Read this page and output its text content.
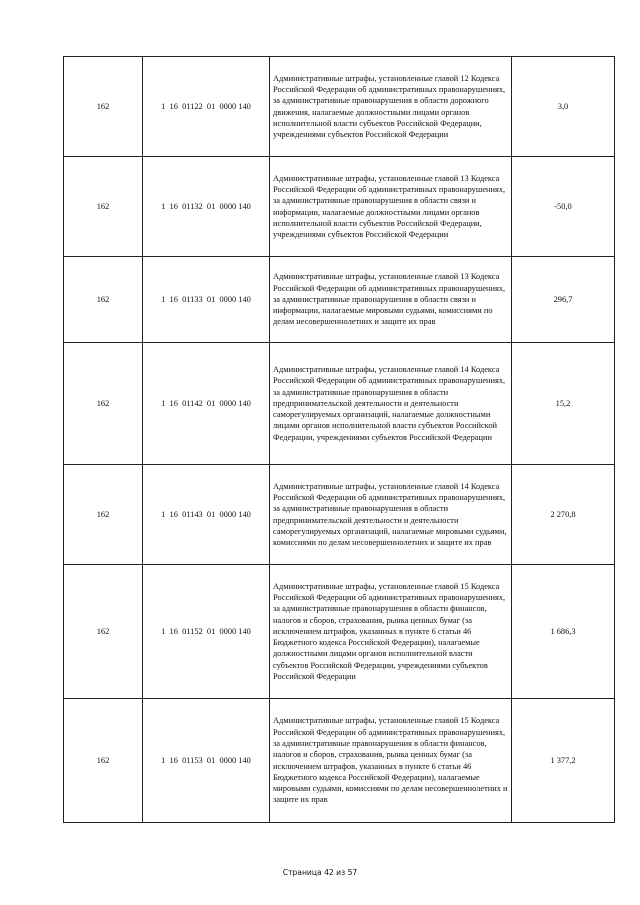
162	1  16  01122  01  0000 140	Административные штрафы, установленные главой 12 Кодекса Российской Федерации об административных правонарушениях, за административные правонарушения в области дорожного движения, налагаемые должностными лицами органов исполнительной власти субъектов Российской Федерации, учреждениями субъектов Российской Федерации	3,0
162	1  16  01132  01  0000 140	Административные штрафы, установленные главой 13 Кодекса Российской Федерации об административных правонарушениях, за административные правонарушения в области связи и информации, налагаемые должностными лицами органов исполнительной власти субъектов Российской Федерации, учреждениями субъектов Российской Федерации	-50,0
162	1  16  01133  01  0000 140	Административные штрафы, установленные главой 13 Кодекса Российской Федерации об административных правонарушениях, за административные правонарушения в области связи и информации, налагаемые мировыми судьями, комиссиями по делам несовершеннолетних и защите их прав	296,7
162	1  16  01142  01  0000 140	Административные штрафы, установленные главой 14 Кодекса Российской Федерации об административных правонарушениях, за административные правонарушения в области предпринимательской деятельности и деятельности саморегулируемых организаций, налагаемые должностными лицами органов исполнительной власти субъектов Российской Федерации, учреждениями субъектов Российской Федерации	15,2
162	1  16  01143  01  0000 140	Административные штрафы, установленные главой 14 Кодекса Российской Федерации об административных правонарушениях, за административные правонарушения в области предпринимательской деятельности и деятельности саморегулируемых организаций, налагаемые мировыми судьями, комиссиями по делам несовершеннолетних и защите их прав	2 270,8
162	1  16  01152  01  0000 140	Административные штрафы, установленные главой 15 Кодекса Российской Федерации об административных правонарушениях, за административные правонарушения в области финансов, налогов и сборов, страхования, рынка ценных бумаг (за исключением штрафов, указанных в пункте 6 статьи 46 Бюджетного кодекса Российской Федерации), налагаемые должностными лицами органов исполнительной власти субъектов Российской Федерации, учреждениями субъектов Российской Федерации	1 686,3
162	1  16  01153  01  0000 140	Административные штрафы, установленные главой 15 Кодекса Российской Федерации об административных правонарушениях, за административные правонарушения в области финансов, налогов и сборов, страхования, рынка ценных бумаг (за исключением штрафов, указанных в пункте 6 статьи 46 Бюджетного кодекса Российской Федерации), налагаемые мировыми судьями, комиссиями по делам несовершеннолетних и защите их прав	1 377,2
Страница 42 из 57
